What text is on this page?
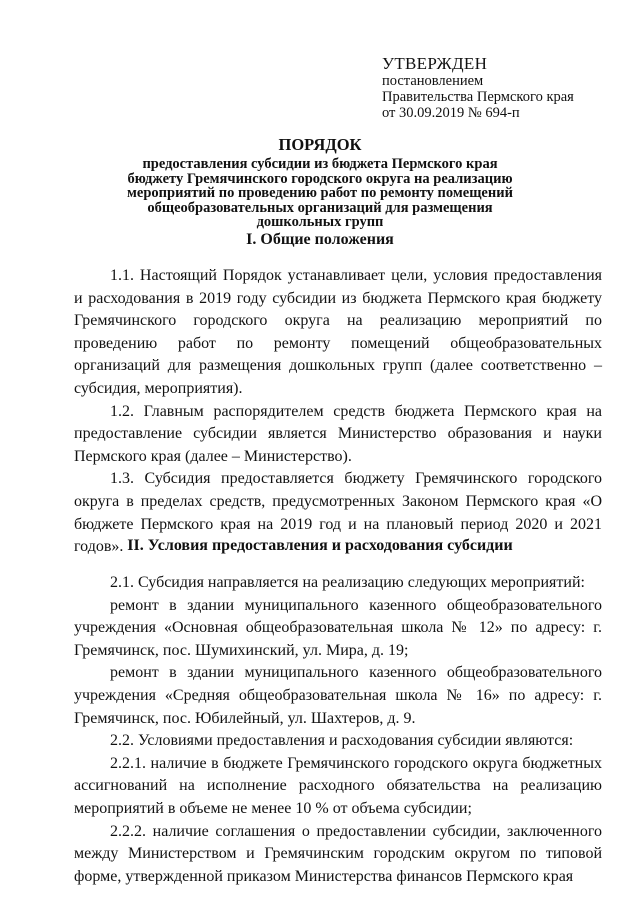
УТВЕРЖДЕН
постановлением
Правительства Пермского края
от 30.09.2019 № 694-п
ПОРЯДОК
предоставления субсидии из бюджета Пермского края бюджету Гремячинского городского округа на реализацию мероприятий по проведению работ по ремонту помещений общеобразовательных организаций для размещения дошкольных групп
I. Общие положения

1.1. Настоящий Порядок устанавливает цели, условия предоставления и расходования в 2019 году субсидии из бюджета Пермского края бюджету Гремячинского городского округа на реализацию мероприятий по проведению работ по ремонту помещений общеобразовательных организаций для размещения дошкольных групп (далее соответственно – субсидия, мероприятия).

1.2. Главным распорядителем средств бюджета Пермского края на предоставление субсидии является Министерство образования и науки Пермского края (далее – Министерство).

1.3. Субсидия предоставляется бюджету Гремячинского городского округа в пределах средств, предусмотренных Законом Пермского края «О бюджете Пермского края на 2019 год и на плановый период 2020 и 2021 годов». II. Условия предоставления и расходования субсидии

2.1. Субсидия направляется на реализацию следующих мероприятий:

ремонт в здании муниципального казенного общеобразовательного учреждения «Основная общеобразовательная школа № 12» по адресу: г. Гремячинск, пос. Шумихинский, ул. Мира, д. 19;

ремонт в здании муниципального казенного общеобразовательного учреждения «Средняя общеобразовательная школа № 16» по адресу: г. Гремячинск, пос. Юбилейный, ул. Шахтеров, д. 9.

2.2. Условиями предоставления и расходования субсидии являются:

2.2.1. наличие в бюджете Гремячинского городского округа бюджетных ассигнований на исполнение расходного обязательства на реализацию мероприятий в объеме не менее 10 % от объема субсидии;

2.2.2. наличие соглашения о предоставлении субсидии, заключенного между Министерством и Гремячинским городским округом по типовой форме, утвержденной приказом Министерства финансов Пермского края
